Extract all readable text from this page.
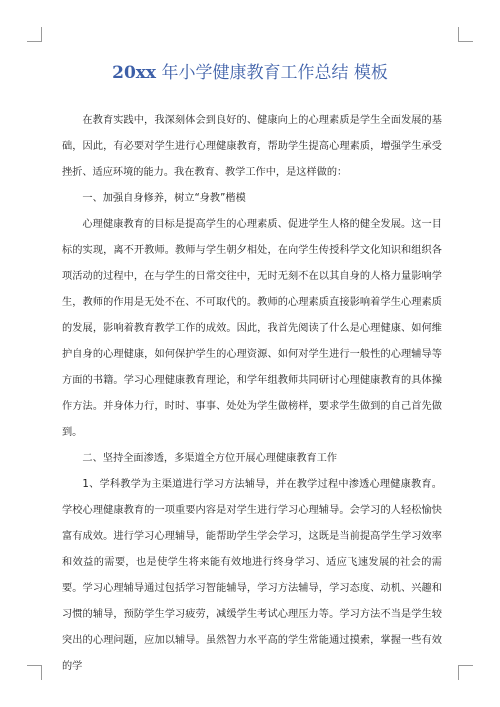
20xx 年小学健康教育工作总结 模板

在教育实践中，我深刻体会到良好的、健康向上的心理素质是学生全面发展的基础，因此，有必要对学生进行心理健康教育，帮助学生提高心理素质，增强学生承受挫折、适应环境的能力。我在教育、教学工作中，是这样做的：

一、加强自身修养，树立“身教”楷模

心理健康教育的目标是提高学生的心理素质、促进学生人格的健全发展。这一目标的实现，离不开教师。教师与学生朝夕相处，在向学生传授科学文化知识和组织各项活动的过程中，在与学生的日常交往中，无时无刻不在以其自身的人格力量影响学生，教师的作用是无处不在、不可取代的。教师的心理素质直接影响着学生心理素质的发展，影响着教育教学工作的成效。因此，我首先阅读了什么是心理健康、如何维护自身的心理健康，如何保护学生的心理资源、如何对学生进行一般性的心理辅导等方面的书籍。学习心理健康教育理论，和学年组教师共同研讨心理健康教育的具体操作方法。并身体力行，时时、事事、处处为学生做榜样，要求学生做到的自己首先做到。

二、坚持全面渗透，多渠道全方位开展心理健康教育工作

1、学科教学为主渠道进行学习方法辅导，并在教学过程中渗透心理健康教育。学校心理健康教育的一项重要内容是对学生进行学习心理辅导。会学习的人轻松愉快富有成效。进行学习心理辅导，能帮助学生学会学习，这既是当前提高学生学习效率和效益的需要，也是使学生将来能有效地进行终身学习、适应飞速发展的社会的需要。学习心理辅导通过包括学习智能辅导，学习方法辅导，学习态度、动机、兴趣和习惯的辅导，预防学生学习疲劳，减缓学生考试心理压力等。学习方法不当是学生较突出的心理问题，应加以辅导。虽然智力水平高的学生常能通过摸索，掌握一些有效的学
